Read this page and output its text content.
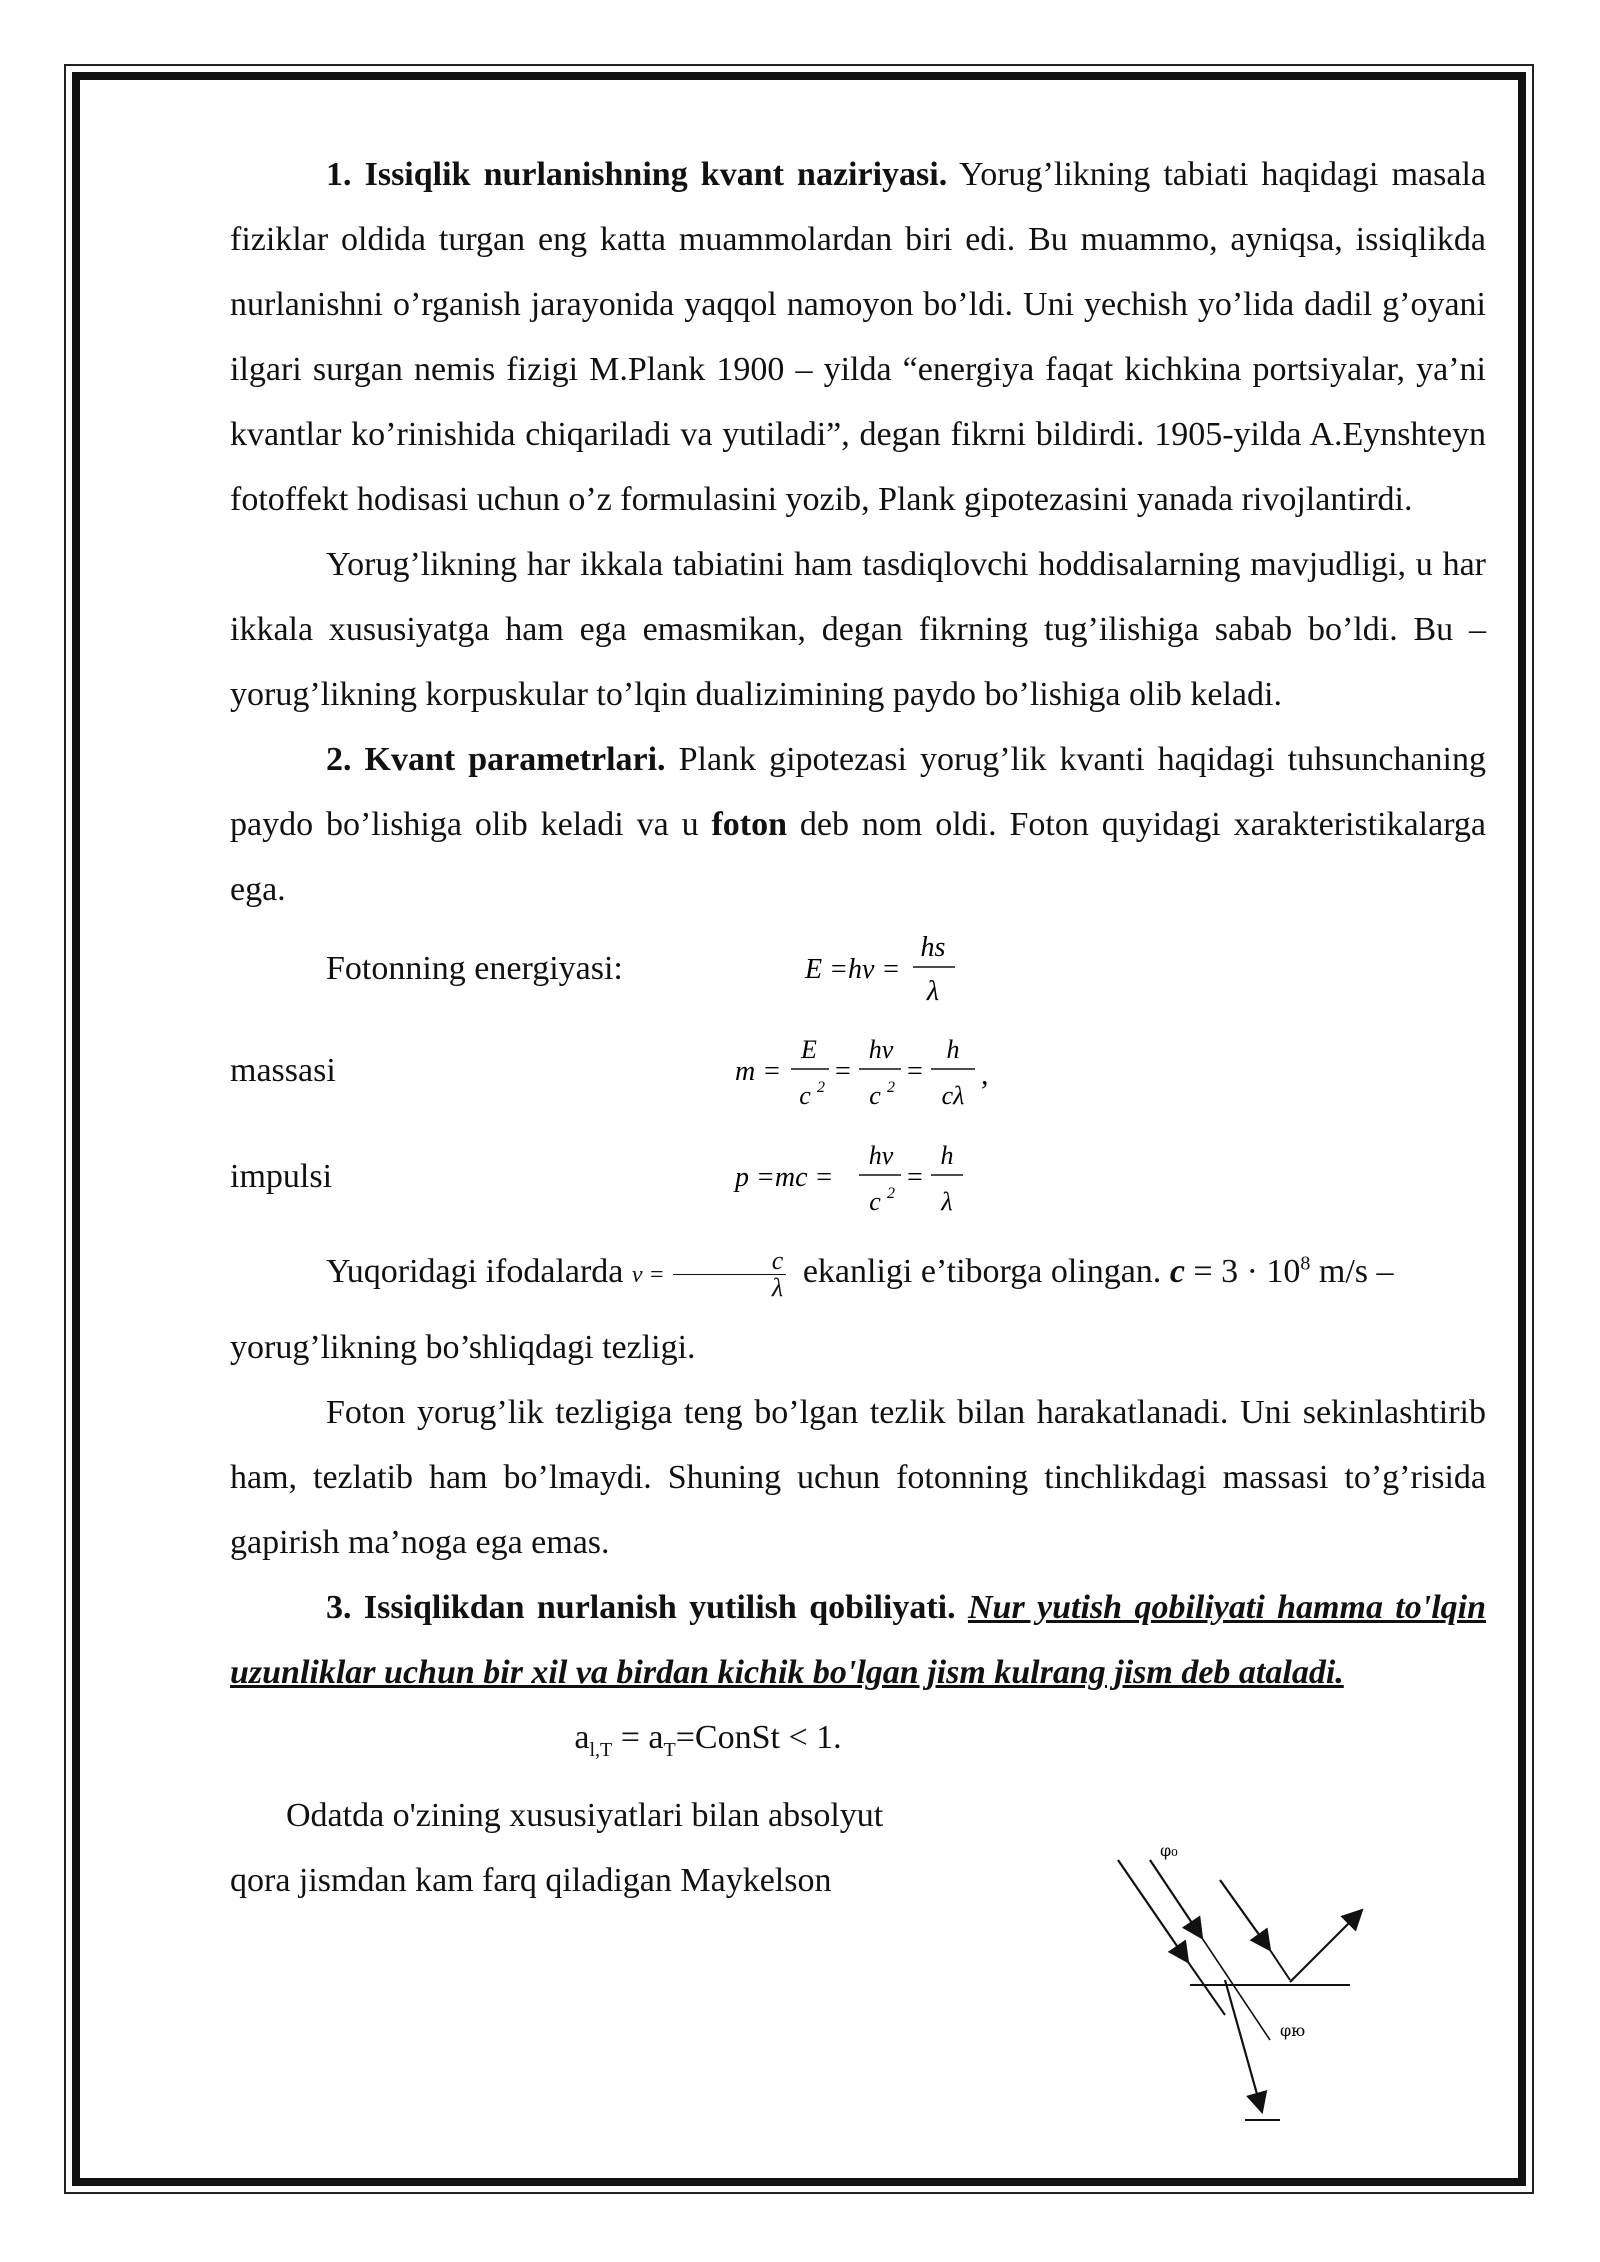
1. Issiqlik nurlanishning kvant naziriyasi. Yorug’likning tabiati haqidagi masala fiziklar oldida turgan eng katta muammolardan biri edi. Bu muammo, ayniqsa, issiqlikda nurlanishni o’rganish jarayonida yaqqol namoyon bo’ldi. Uni yechish yo’lida dadil g’oyani ilgari surgan nemis fizigi M.Plank 1900 – yilda “energiya faqat kichkina portsiyalar, ya’ni kvantlar ko’rinishida chiqariladi va yutiladi”, degan fikrni bildirdi. 1905-yilda A.Eynshteyn fotoffekt hodisasi uchun o’z formulasini yozib, Plank gipotezasini yanada rivojlantirdi.

Yorug’likning har ikkala tabiatini ham tasdiqlovchi hoddisalarning mavjudligi, u har ikkala xususiyatga ham ega emasmikan, degan fikrning tug’ilishiga sabab bo’ldi. Bu – yorug’likning korpuskular to’lqin dualizimining paydo bo’lishiga olib keladi.

2. Kvant parametrlari. Plank gipotezasi yorug’lik kvanti haqidagi tuhsunchaning paydo bo’lishiga olib keladi va u foton deb nom oldi. Foton quyidagi xarakteristikalarga ega.

Fotonning energiyasi:	E =hν =
hs
λ
massasi	m =
E
c 2
=
hν
c 2
=
h
cλ
,
impulsi	p =mc =
hν
c 2
=
h
λ

Yuqoridagi ifodalarda $\nu = \frac{c}{\lambda}$ ekanligi e’tiborga olingan. $c = 3 \cdot 10^8$ m/s –

yorug’likning bo’shliqdagi tezligi.

Foton yorug’lik tezligiga teng bo’lgan tezlik bilan harakatlanadi. Uni sekinlashtirib ham, tezlatib ham bo’lmaydi. Shuning uchun fotonning tinchlikdagi massasi to’g’risida gapirish ma’noga ega emas.

3. Issiqlikdan nurlanish yutilish qobiliyati. Nur yutish qobiliyati hamma to'lqin uzunliklar uchun bir xil va birdan kichik bo'lgan jism kulrang jism deb ataladi.

$a_{l,T}$ = $a_T=ConSt < 1$.

Odatda o'zining xususiyatlari bilan absolyut

qora jismdan kam farq qiladigan Maykelson

φ₀
φю
